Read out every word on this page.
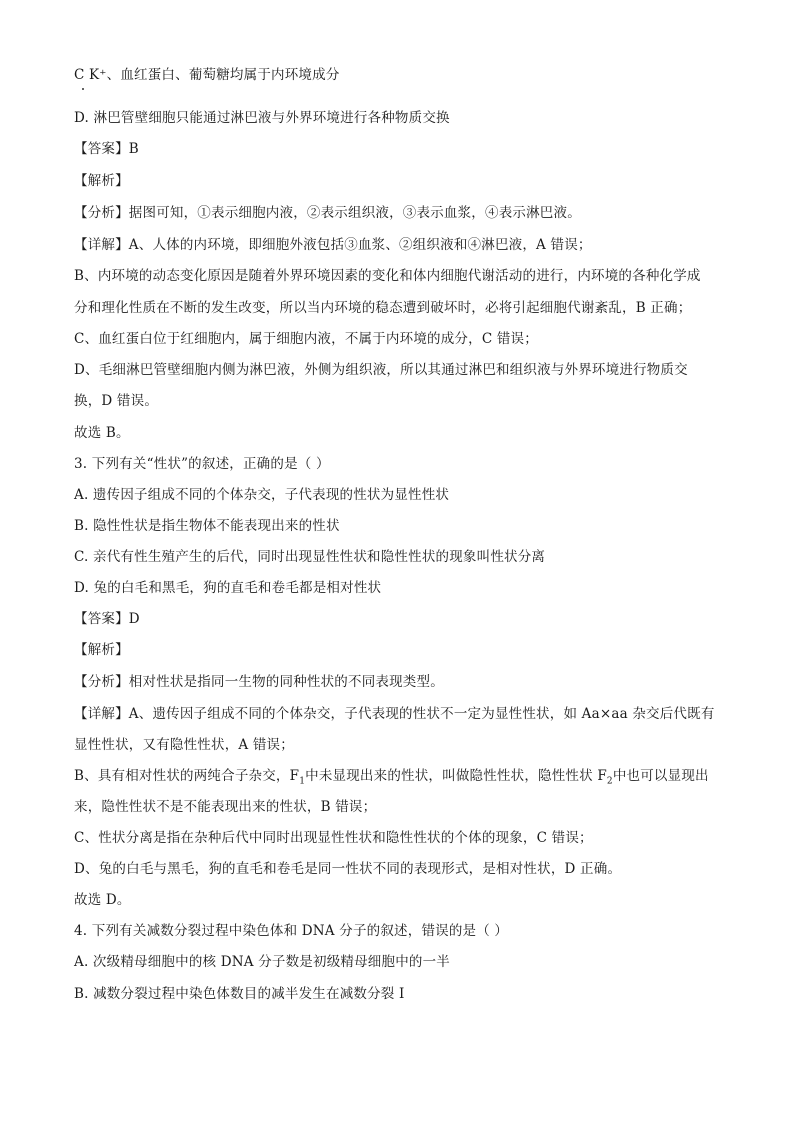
C K⁺、血红蛋白、葡萄糖均属于内环境成分
D. 淋巴管壁细胞只能通过淋巴液与外界环境进行各种物质交换
【答案】B
【解析】
【分析】据图可知，①表示细胞内液，②表示组织液，③表示血浆，④表示淋巴液。
【详解】A、人体的内环境，即细胞外液包括③血浆、②组织液和④淋巴液，A 错误；
B、内环境的动态变化原因是随着外界环境因素的变化和体内细胞代谢活动的进行，内环境的各种化学成
分和理化性质在不断的发生改变，所以当内环境的稳态遭到破坏时，必将引起细胞代谢紊乱，B 正确；
C、血红蛋白位于红细胞内，属于细胞内液，不属于内环境的成分，C 错误；
D、毛细淋巴管壁细胞内侧为淋巴液，外侧为组织液，所以其通过淋巴和组织液与外界环境进行物质交
换，D 错误。
故选 B。
3. 下列有关“性状”的叙述，正确的是（ ）
A. 遗传因子组成不同的个体杂交，子代表现的性状为显性性状
B. 隐性性状是指生物体不能表现出来的性状
C. 亲代有性生殖产生的后代，同时出现显性性状和隐性性状的现象叫性状分离
D. 兔的白毛和黑毛，狗的直毛和卷毛都是相对性状
【答案】D
【解析】
【分析】相对性状是指同一生物的同种性状的不同表现类型。
【详解】A、遗传因子组成不同的个体杂交，子代表现的性状不一定为显性性状，如 Aa×aa 杂交后代既有
显性性状，又有隐性性状，A 错误；
B、具有相对性状的两纯合子杂交，$F_1$中未显现出来的性状，叫做隐性性状，隐性性状 $F_2$中也可以显现出
来，隐性性状不是不能表现出来的性状，B 错误；
C、性状分离是指在杂种后代中同时出现显性性状和隐性性状的个体的现象，C 错误；
D、兔的白毛与黑毛，狗的直毛和卷毛是同一性状不同的表现形式，是相对性状，D 正确。
故选 D。
4. 下列有关减数分裂过程中染色体和 DNA 分子的叙述，错误的是（ ）
A. 次级精母细胞中的核 DNA 分子数是初级精母细胞中的一半
B. 减数分裂过程中染色体数目的减半发生在减数分裂 I
